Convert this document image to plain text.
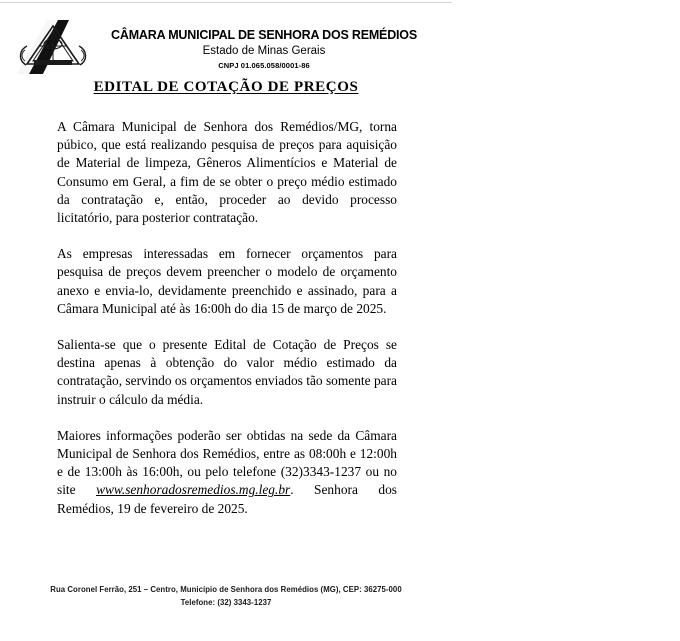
CÂMARA MUNICIPAL DE SENHORA DOS REMÉDIOS
Estado de Minas Gerais
CNPJ 01.065.058/0001-86
EDITAL DE COTAÇÃO DE PREÇOS

A Câmara Municipal de Senhora dos Remédios/MG, torna púbico, que está realizando pesquisa de preços para aquisição de Material de limpeza, Gêneros Alimentícios e Material de Consumo em Geral, a fim de se obter o preço médio estimado da contratação e, então, proceder ao devido processo licitatório, para posterior contratação.

As empresas interessadas em fornecer orçamentos para pesquisa de preços devem preencher o modelo de orçamento anexo e envia-lo, devidamente preenchido e assinado, para a Câmara Municipal até às 16:00h do dia 15 de março de 2025.

Salienta-se que o presente Edital de Cotação de Preços se destina apenas à obtenção do valor médio estimado da contratação, servindo os orçamentos enviados tão somente para instruir o cálculo da média.

Maiores informações poderão ser obtidas na sede da Câmara Municipal de Senhora dos Remédios, entre as 08:00h e 12:00h e de 13:00h às 16:00h, ou pelo telefone (32)3343-1237 ou no site www.senhoradosremedios.mg.leg.br. Senhora dos Remédios, 19 de fevereiro de 2025.

Rua Coronel Ferrão, 251 – Centro, Município de Senhora dos Remédios (MG), CEP: 36275-000
Telefone: (32) 3343-1237
